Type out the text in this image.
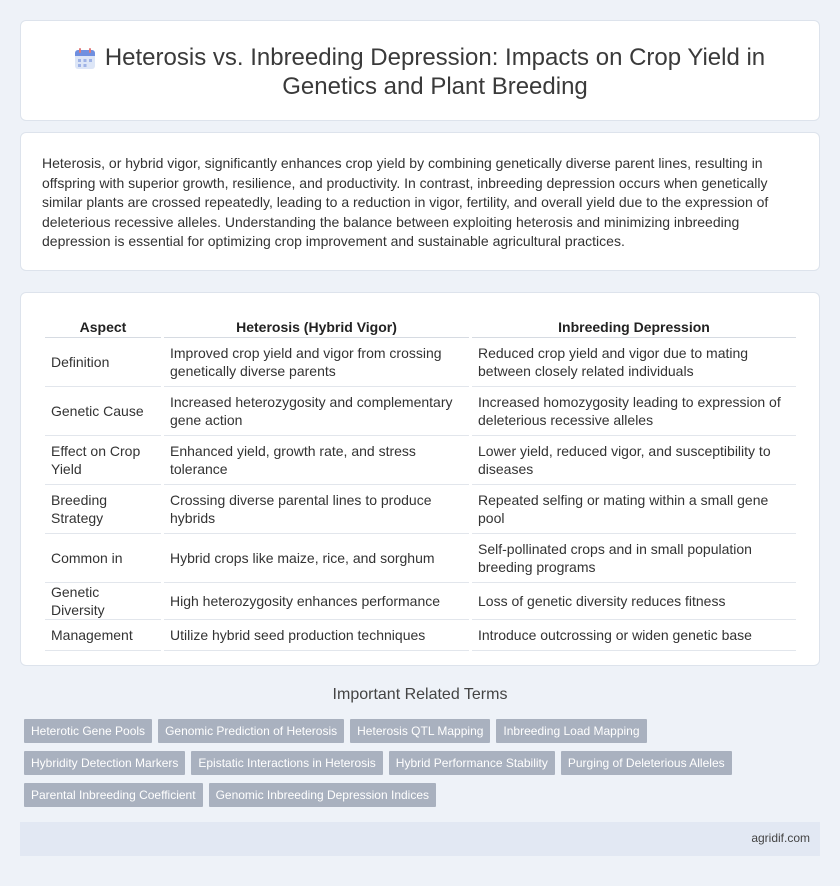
Heterosis vs. Inbreeding Depression: Impacts on Crop Yield in Genetics and Plant Breeding

Heterosis, or hybrid vigor, significantly enhances crop yield by combining genetically diverse parent lines, resulting in offspring with superior growth, resilience, and productivity. In contrast, inbreeding depression occurs when genetically similar plants are crossed repeatedly, leading to a reduction in vigor, fertility, and overall yield due to the expression of deleterious recessive alleles. Understanding the balance between exploiting heterosis and minimizing inbreeding depression is essential for optimizing crop improvement and sustainable agricultural practices.

Aspect	Heterosis (Hybrid Vigor)	Inbreeding Depression
Definition	Improved crop yield and vigor from crossing genetically diverse parents	Reduced crop yield and vigor due to mating between closely related individuals
Genetic Cause	Increased heterozygosity and complementary gene action	Increased homozygosity leading to expression of deleterious recessive alleles
Effect on Crop Yield	Enhanced yield, growth rate, and stress tolerance	Lower yield, reduced vigor, and susceptibility to diseases
Breeding Strategy	Crossing diverse parental lines to produce hybrids	Repeated selfing or mating within a small gene pool
Common in	Hybrid crops like maize, rice, and sorghum	Self-pollinated crops and in small population breeding programs
Genetic Diversity	High heterozygosity enhances performance	Loss of genetic diversity reduces fitness
Management	Utilize hybrid seed production techniques	Introduce outcrossing or widen genetic base
Important Related Terms
Heterotic Gene Pools	Genomic Prediction of Heterosis	Heterosis QTL Mapping	Inbreeding Load Mapping
Hybridity Detection Markers	Epistatic Interactions in Heterosis	Hybrid Performance Stability	Purging of Deleterious Alleles
Parental Inbreeding Coefficient	Genomic Inbreeding Depression Indices
agridif.com
